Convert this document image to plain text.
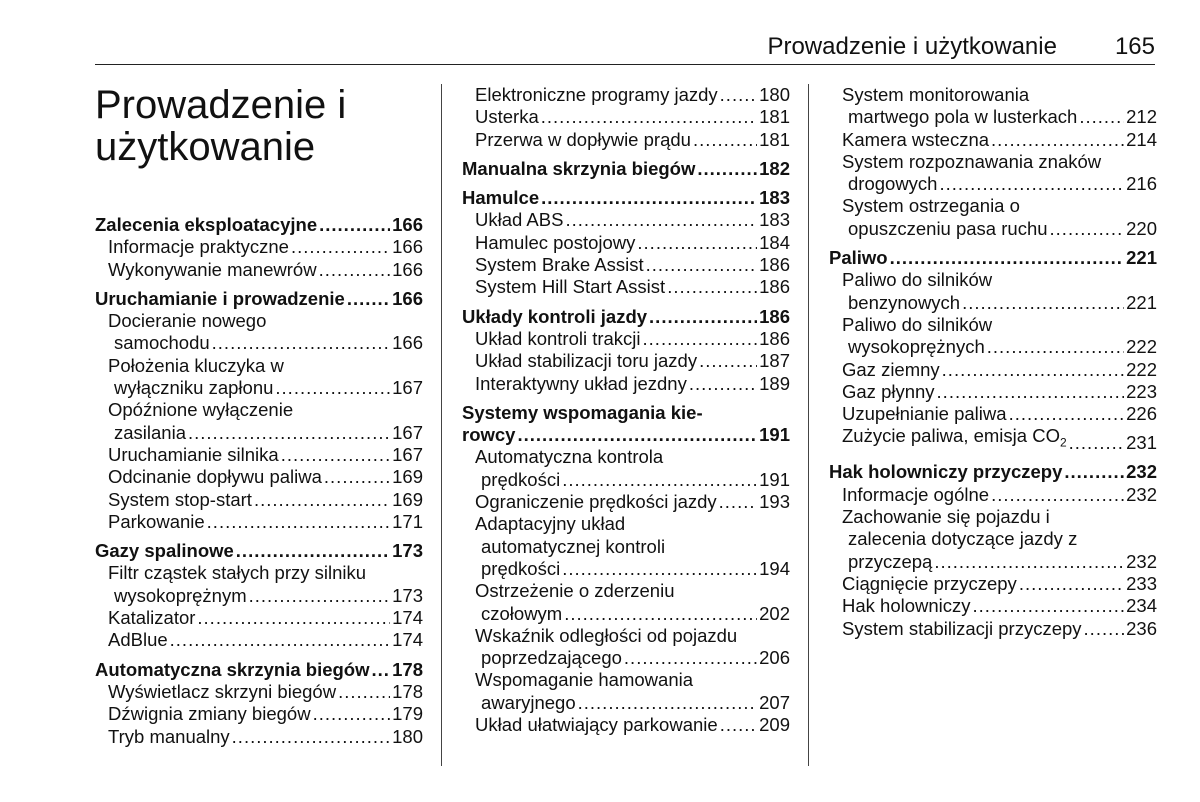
Prowadzenie i użytkowanie 165
Prowadzenie i
użytkowanie
Zalecenia eksploatacyjne .....	166
Informacje praktyczne .....	166
Wykonywanie manewrów .....	166
Uruchamianie i prowadzenie .....	166
Docieranie nowego
samochodu .....	166
Położenia kluczyka w
wyłączniku zapłonu .....	167
Opóźnione wyłączenie
zasilania .....	167
Uruchamianie silnika .....	167
Odcinanie dopływu paliwa .....	169
System stop-start .....	169
Parkowanie .....	171
Gazy spalinowe .....	173
Filtr cząstek stałych przy silniku
wysokoprężnym .....	173
Katalizator .....	174
AdBlue .....	174
Automatyczna skrzynia biegów ..... 178
Wyświetlacz skrzyni biegów .....	178
Dźwignia zmiany biegów .....	179
Tryb manualny .....	180
Elektroniczne programy jazdy ..... 180
Usterka .....	181
Przerwa w dopływie prądu .....	181
Manualna skrzynia biegów .....	182
Hamulce .....	183
Układ ABS .....	183
Hamulec postojowy .....	184
System Brake Assist .....	186
System Hill Start Assist .....	186
Układy kontroli jazdy .....	186
Układ kontroli trakcji .....	186
Układ stabilizacji toru jazdy .....	187
Interaktywny układ jezdny .....	189
Systemy wspomagania kie-
rowcy .....	191
Automatyczna kontrola
prędkości .....	191
Ograniczenie prędkości jazdy ..... 193
Adaptacyjny układ
automatycznej kontroli
prędkości .....	194
Ostrzeżenie o zderzeniu
czołowym .....	202
Wskaźnik odległości od pojazdu
poprzedzającego .....	206
Wspomaganie hamowania
awaryjnego .....	207
Układ ułatwiający parkowanie ..... 209
System monitorowania
martwego pola w lusterkach .....	212
Kamera wsteczna .....	214
System rozpoznawania znaków
drogowych .....	216
System ostrzegania o
opuszczeniu pasa ruchu .....	220
Paliwo .....	221
Paliwo do silników
benzynowych .....	221
Paliwo do silników
wysokoprężnych .....	222
Gaz ziemny .....	222
Gaz płynny .....	223
Uzupełnianie paliwa .....	226
Zużycie paliwa, emisja $CO_2$ .....	231
Hak holowniczy przyczepy .....	232
Informacje ogólne .....	232
Zachowanie się pojazdu i
zalecenia dotyczące jazdy z
przyczepą .....	232
Ciągnięcie przyczepy .....	233
Hak holowniczy .....	234
System stabilizacji przyczepy ..... 236
